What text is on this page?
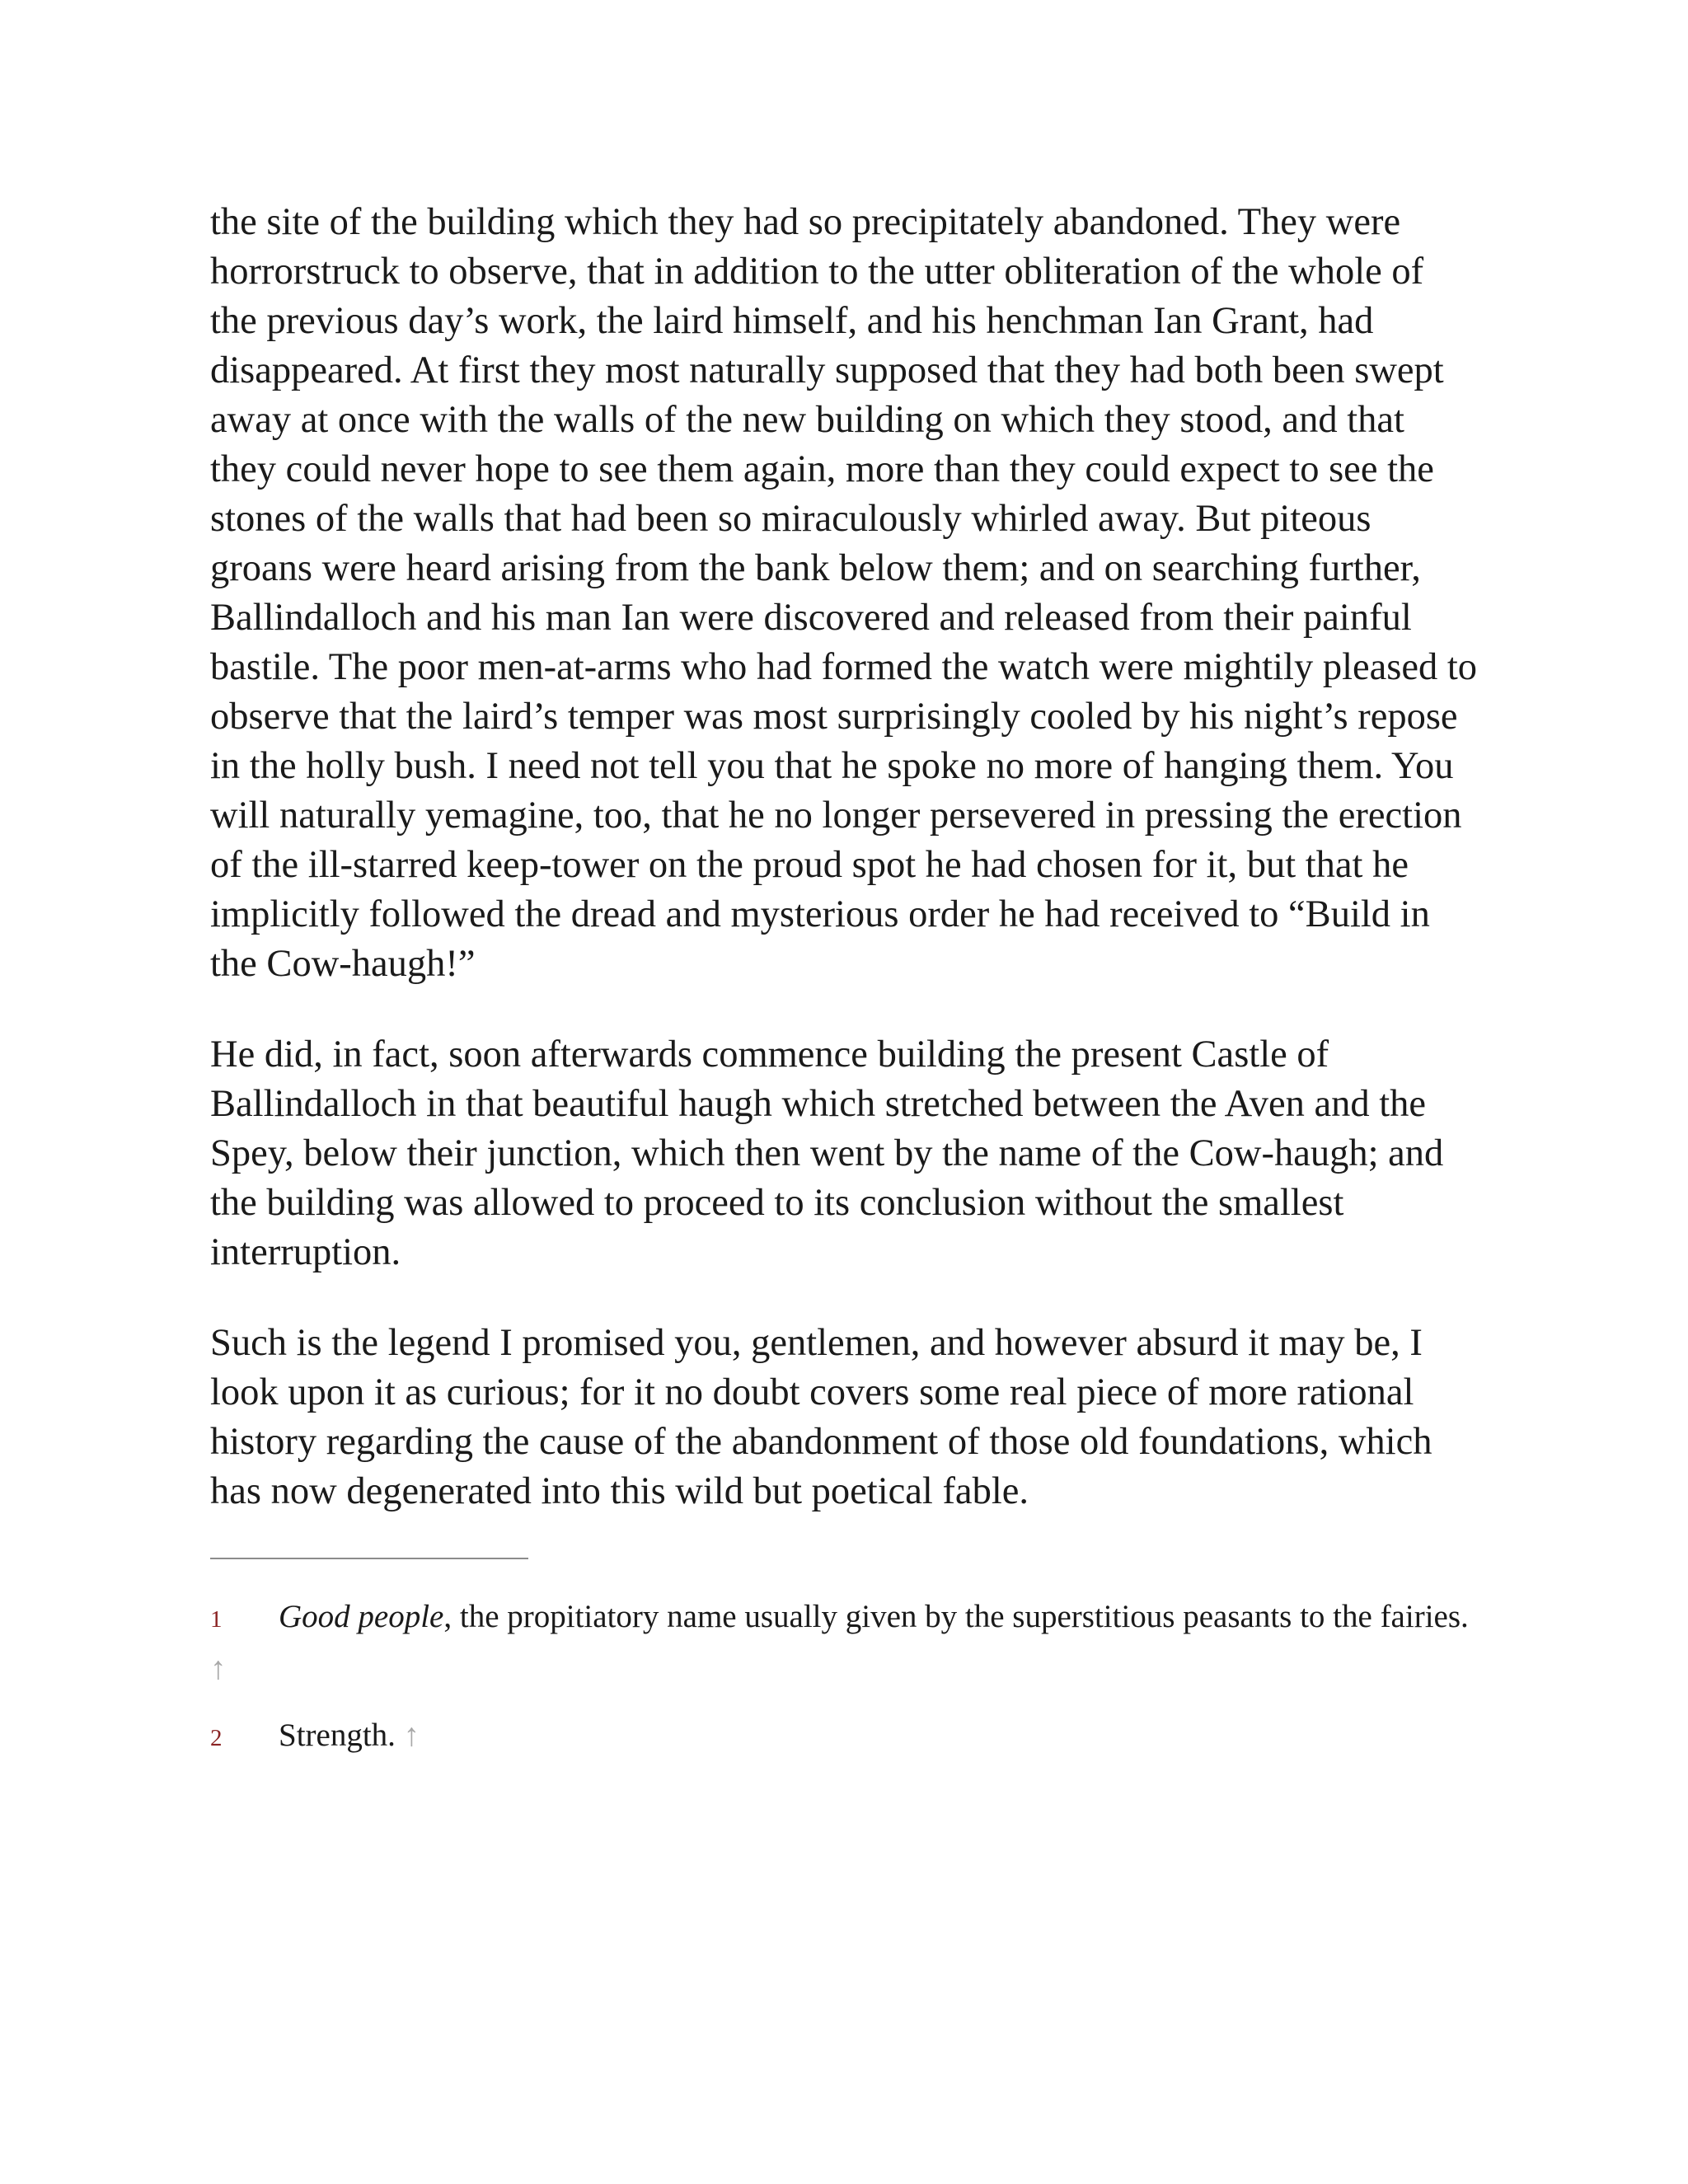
the site of the building which they had so precipitately abandoned. They were horrorstruck to observe, that in addition to the utter obliteration of the whole of the previous day’s work, the laird himself, and his henchman Ian Grant, had disappeared. At first they most naturally supposed that they had both been swept away at once with the walls of the new building on which they stood, and that they could never hope to see them again, more than they could expect to see the stones of the walls that had been so miraculously whirled away. But piteous groans were heard arising from the bank below them; and on searching further, Ballindalloch and his man Ian were discovered and released from their painful bastile. The poor men-at-arms who had formed the watch were mightily pleased to observe that the laird’s temper was most surprisingly cooled by his night’s repose in the holly bush. I need not tell you that he spoke no more of hanging them. You will naturally yemagine, too, that he no longer persevered in pressing the erection of the ill-starred keep-tower on the proud spot he had chosen for it, but that he implicitly followed the dread and mysterious order he had received to “Build in the Cow-haugh!”

He did, in fact, soon afterwards commence building the present Castle of Ballindalloch in that beautiful haugh which stretched between the Aven and the Spey, below their junction, which then went by the name of the Cow-haugh; and the building was allowed to proceed to its conclusion without the smallest interruption.

Such is the legend I promised you, gentlemen, and however absurd it may be, I look upon it as curious; for it no doubt covers some real piece of more rational history regarding the cause of the abandonment of those old foundations, which has now degenerated into this wild but poetical fable.

1 Good people, the propitiatory name usually given by the superstitious peasants to the fairies. ↑

2 Strength. ↑
